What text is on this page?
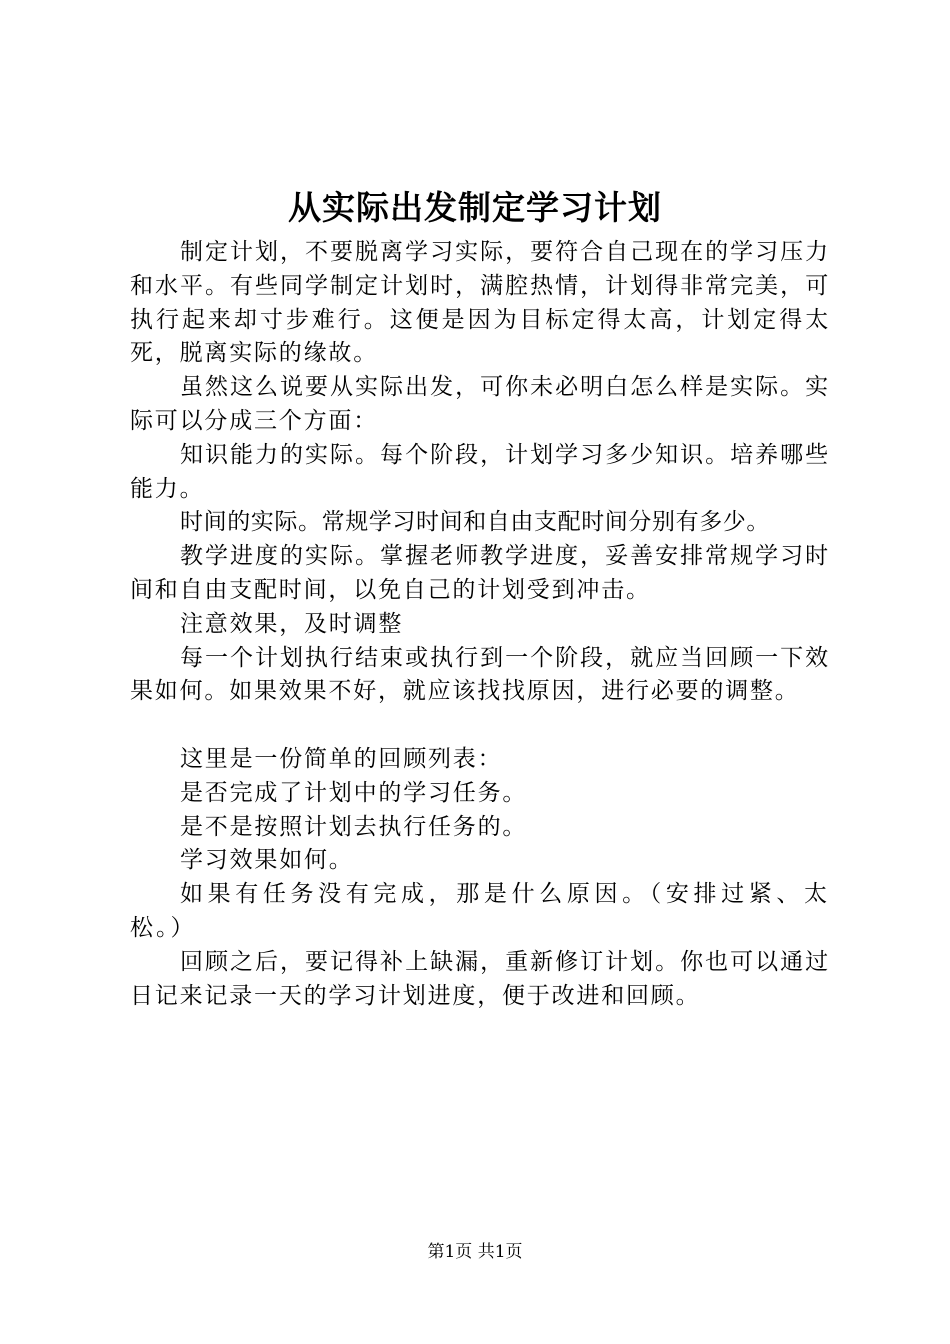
从实际出发制定学习计划

制定计划，不要脱离学习实际，要符合自己现在的学习压力和水平。有些同学制定计划时，满腔热情，计划得非常完美，可执行起来却寸步难行。这便是因为目标定得太高，计划定得太死，脱离实际的缘故。

虽然这么说要从实际出发，可你未必明白怎么样是实际。实际可以分成三个方面：

知识能力的实际。每个阶段，计划学习多少知识。培养哪些能力。

时间的实际。常规学习时间和自由支配时间分别有多少。

教学进度的实际。掌握老师教学进度，妥善安排常规学习时间和自由支配时间，以免自己的计划受到冲击。

注意效果，及时调整

每一个计划执行结束或执行到一个阶段，就应当回顾一下效果如何。如果效果不好，就应该找找原因，进行必要的调整。

这里是一份简单的回顾列表：

是否完成了计划中的学习任务。

是不是按照计划去执行任务的。

学习效果如何。

如果有任务没有完成，那是什么原因。（安排过紧、太松。）

回顾之后，要记得补上缺漏，重新修订计划。你也可以通过日记来记录一天的学习计划进度，便于改进和回顾。

第1页 共1页
